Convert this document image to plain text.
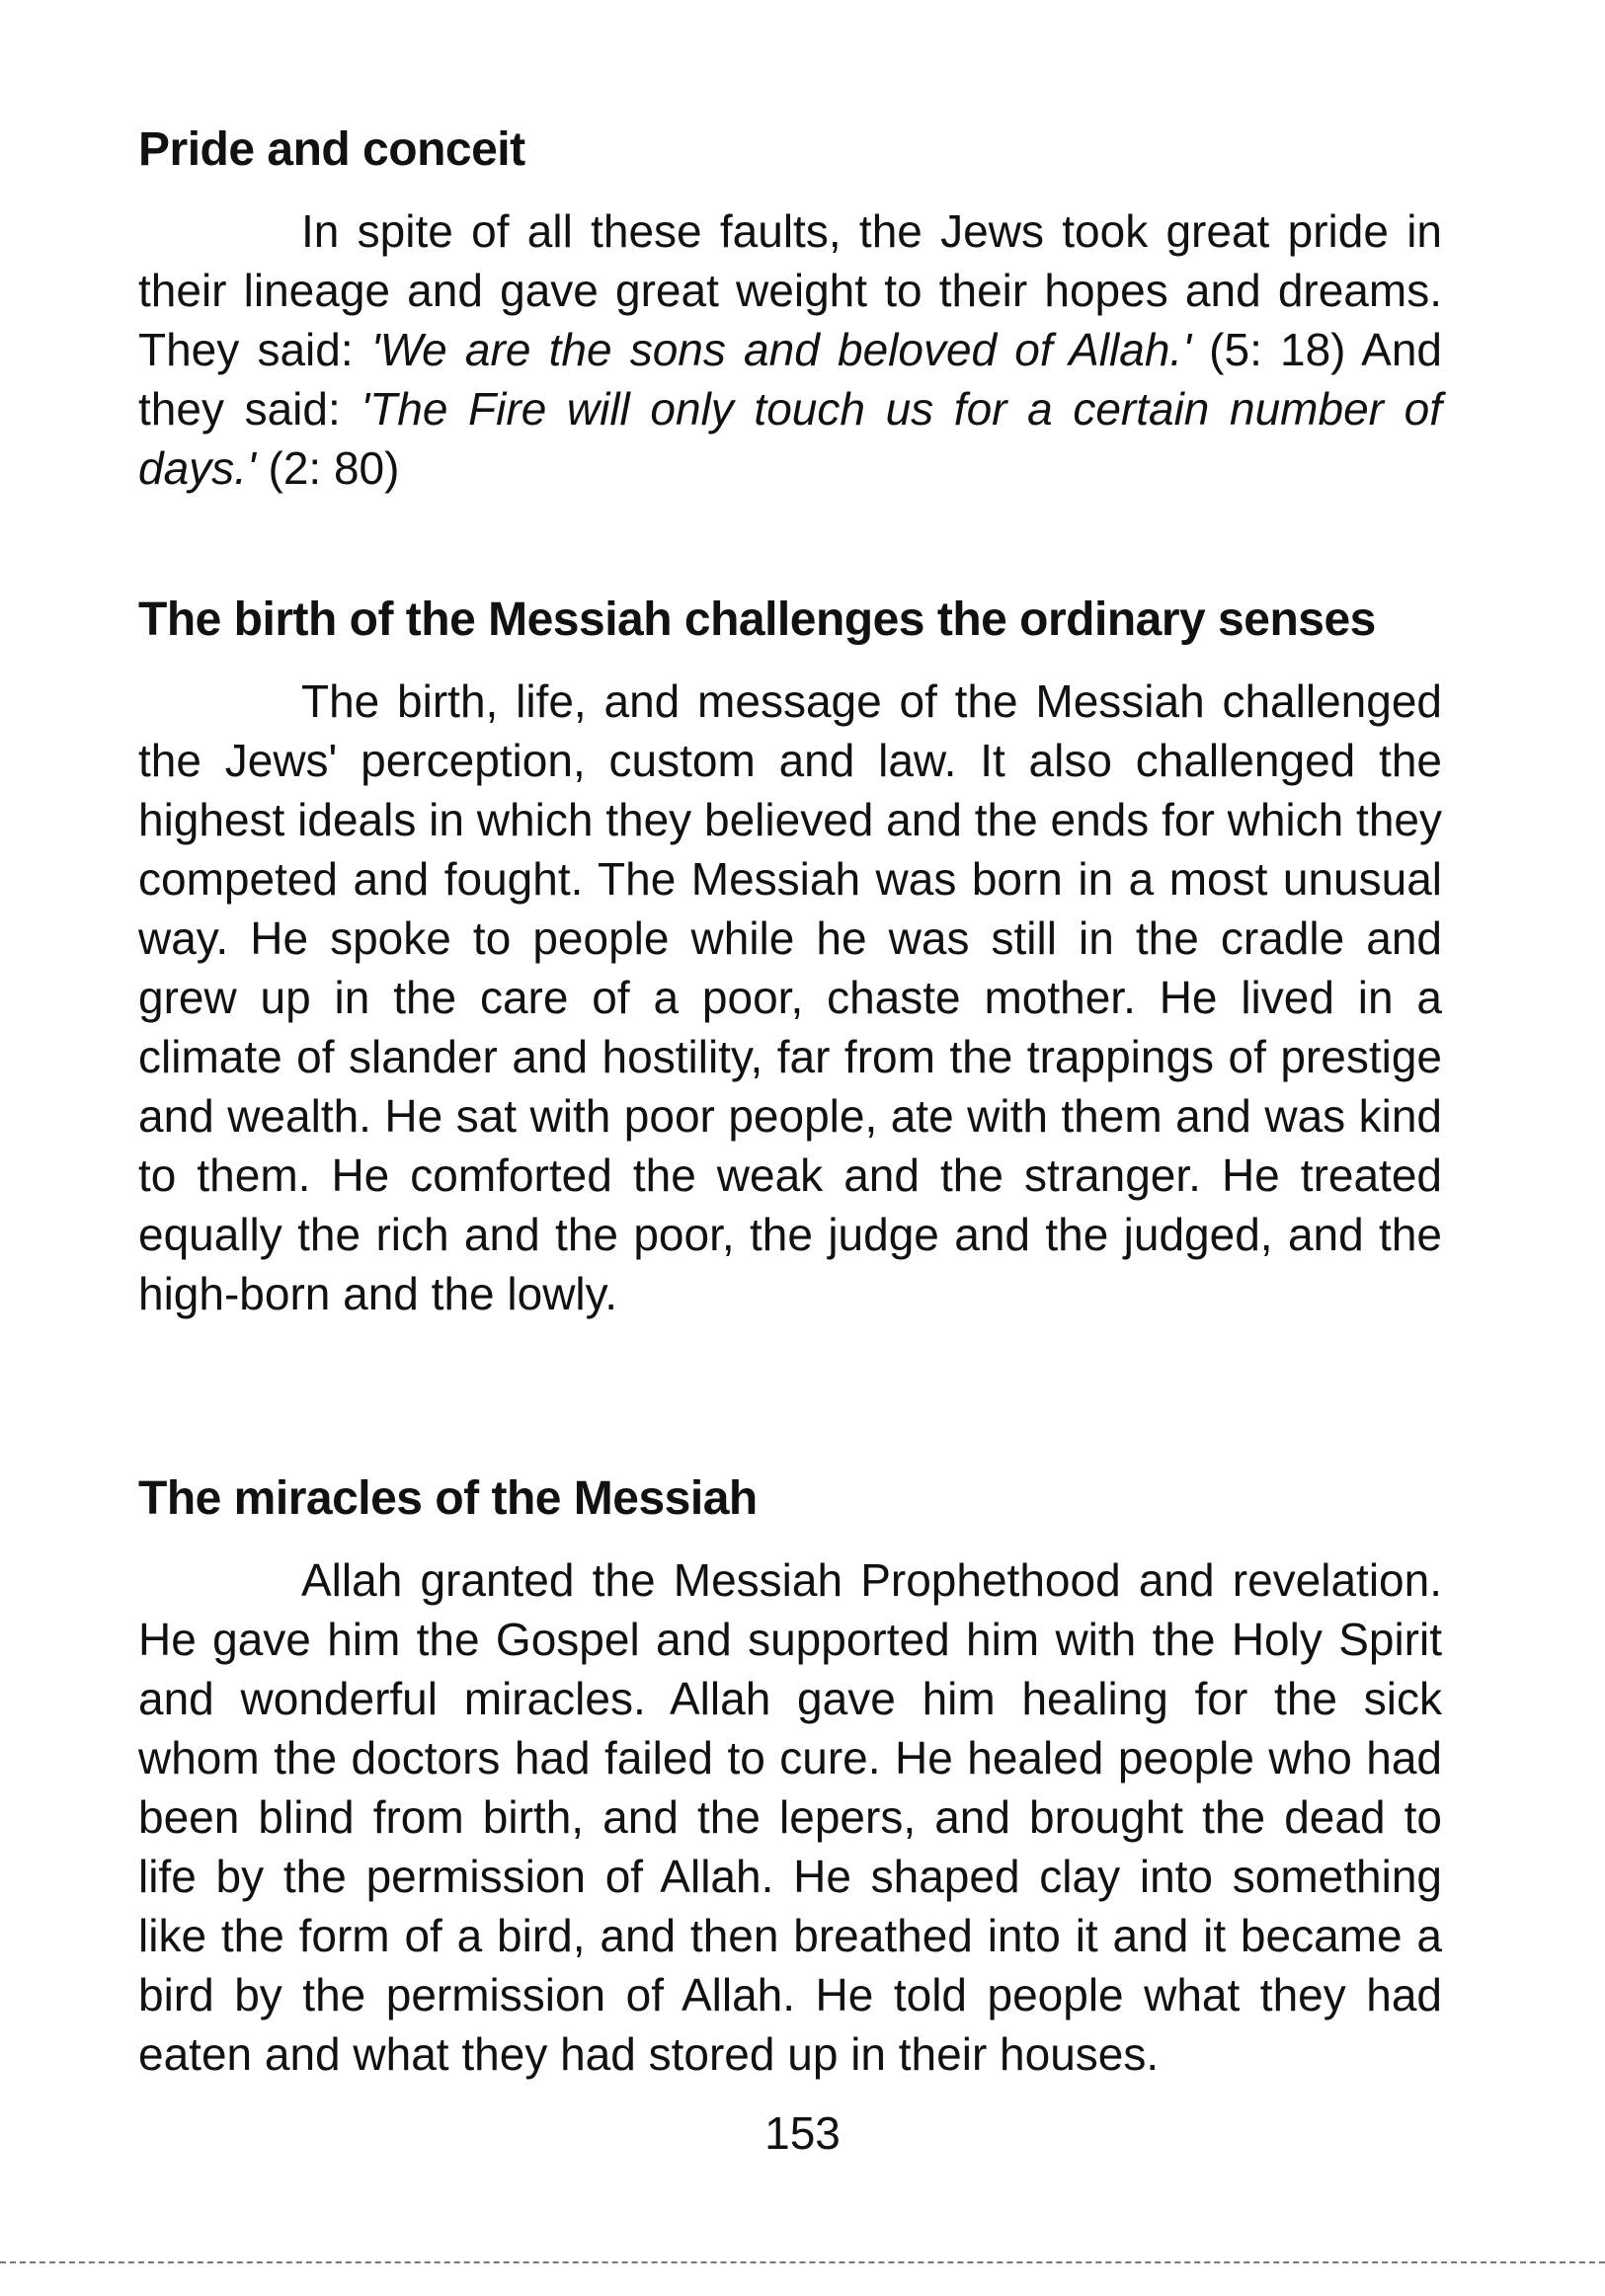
Pride and conceit

In spite of all these faults, the Jews took great pride in their lineage and gave great weight to their hopes and dreams. They said: 'We are the sons and beloved of Allah.' (5: 18) And they said: 'The Fire will only touch us for a certain number of days.' (2: 80)

The birth of the Messiah challenges the ordinary senses

The birth, life, and message of the Messiah challenged the Jews' perception, custom and law. It also challenged the highest ideals in which they believed and the ends for which they competed and fought. The Messiah was born in a most unusual way. He spoke to people while he was still in the cradle and grew up in the care of a poor, chaste mother. He lived in a climate of slander and hostility, far from the trappings of prestige and wealth. He sat with poor people, ate with them and was kind to them. He comforted the weak and the stranger. He treated equally the rich and the poor, the judge and the judged, and the high-born and the lowly.

The miracles of the Messiah

Allah granted the Messiah Prophethood and revelation. He gave him the Gospel and supported him with the Holy Spirit and wonderful miracles. Allah gave him healing for the sick whom the doctors had failed to cure. He healed people who had been blind from birth, and the lepers, and brought the dead to life by the permission of Allah. He shaped clay into something like the form of a bird, and then breathed into it and it became a bird by the permission of Allah. He told people what they had eaten and what they had stored up in their houses.

153
